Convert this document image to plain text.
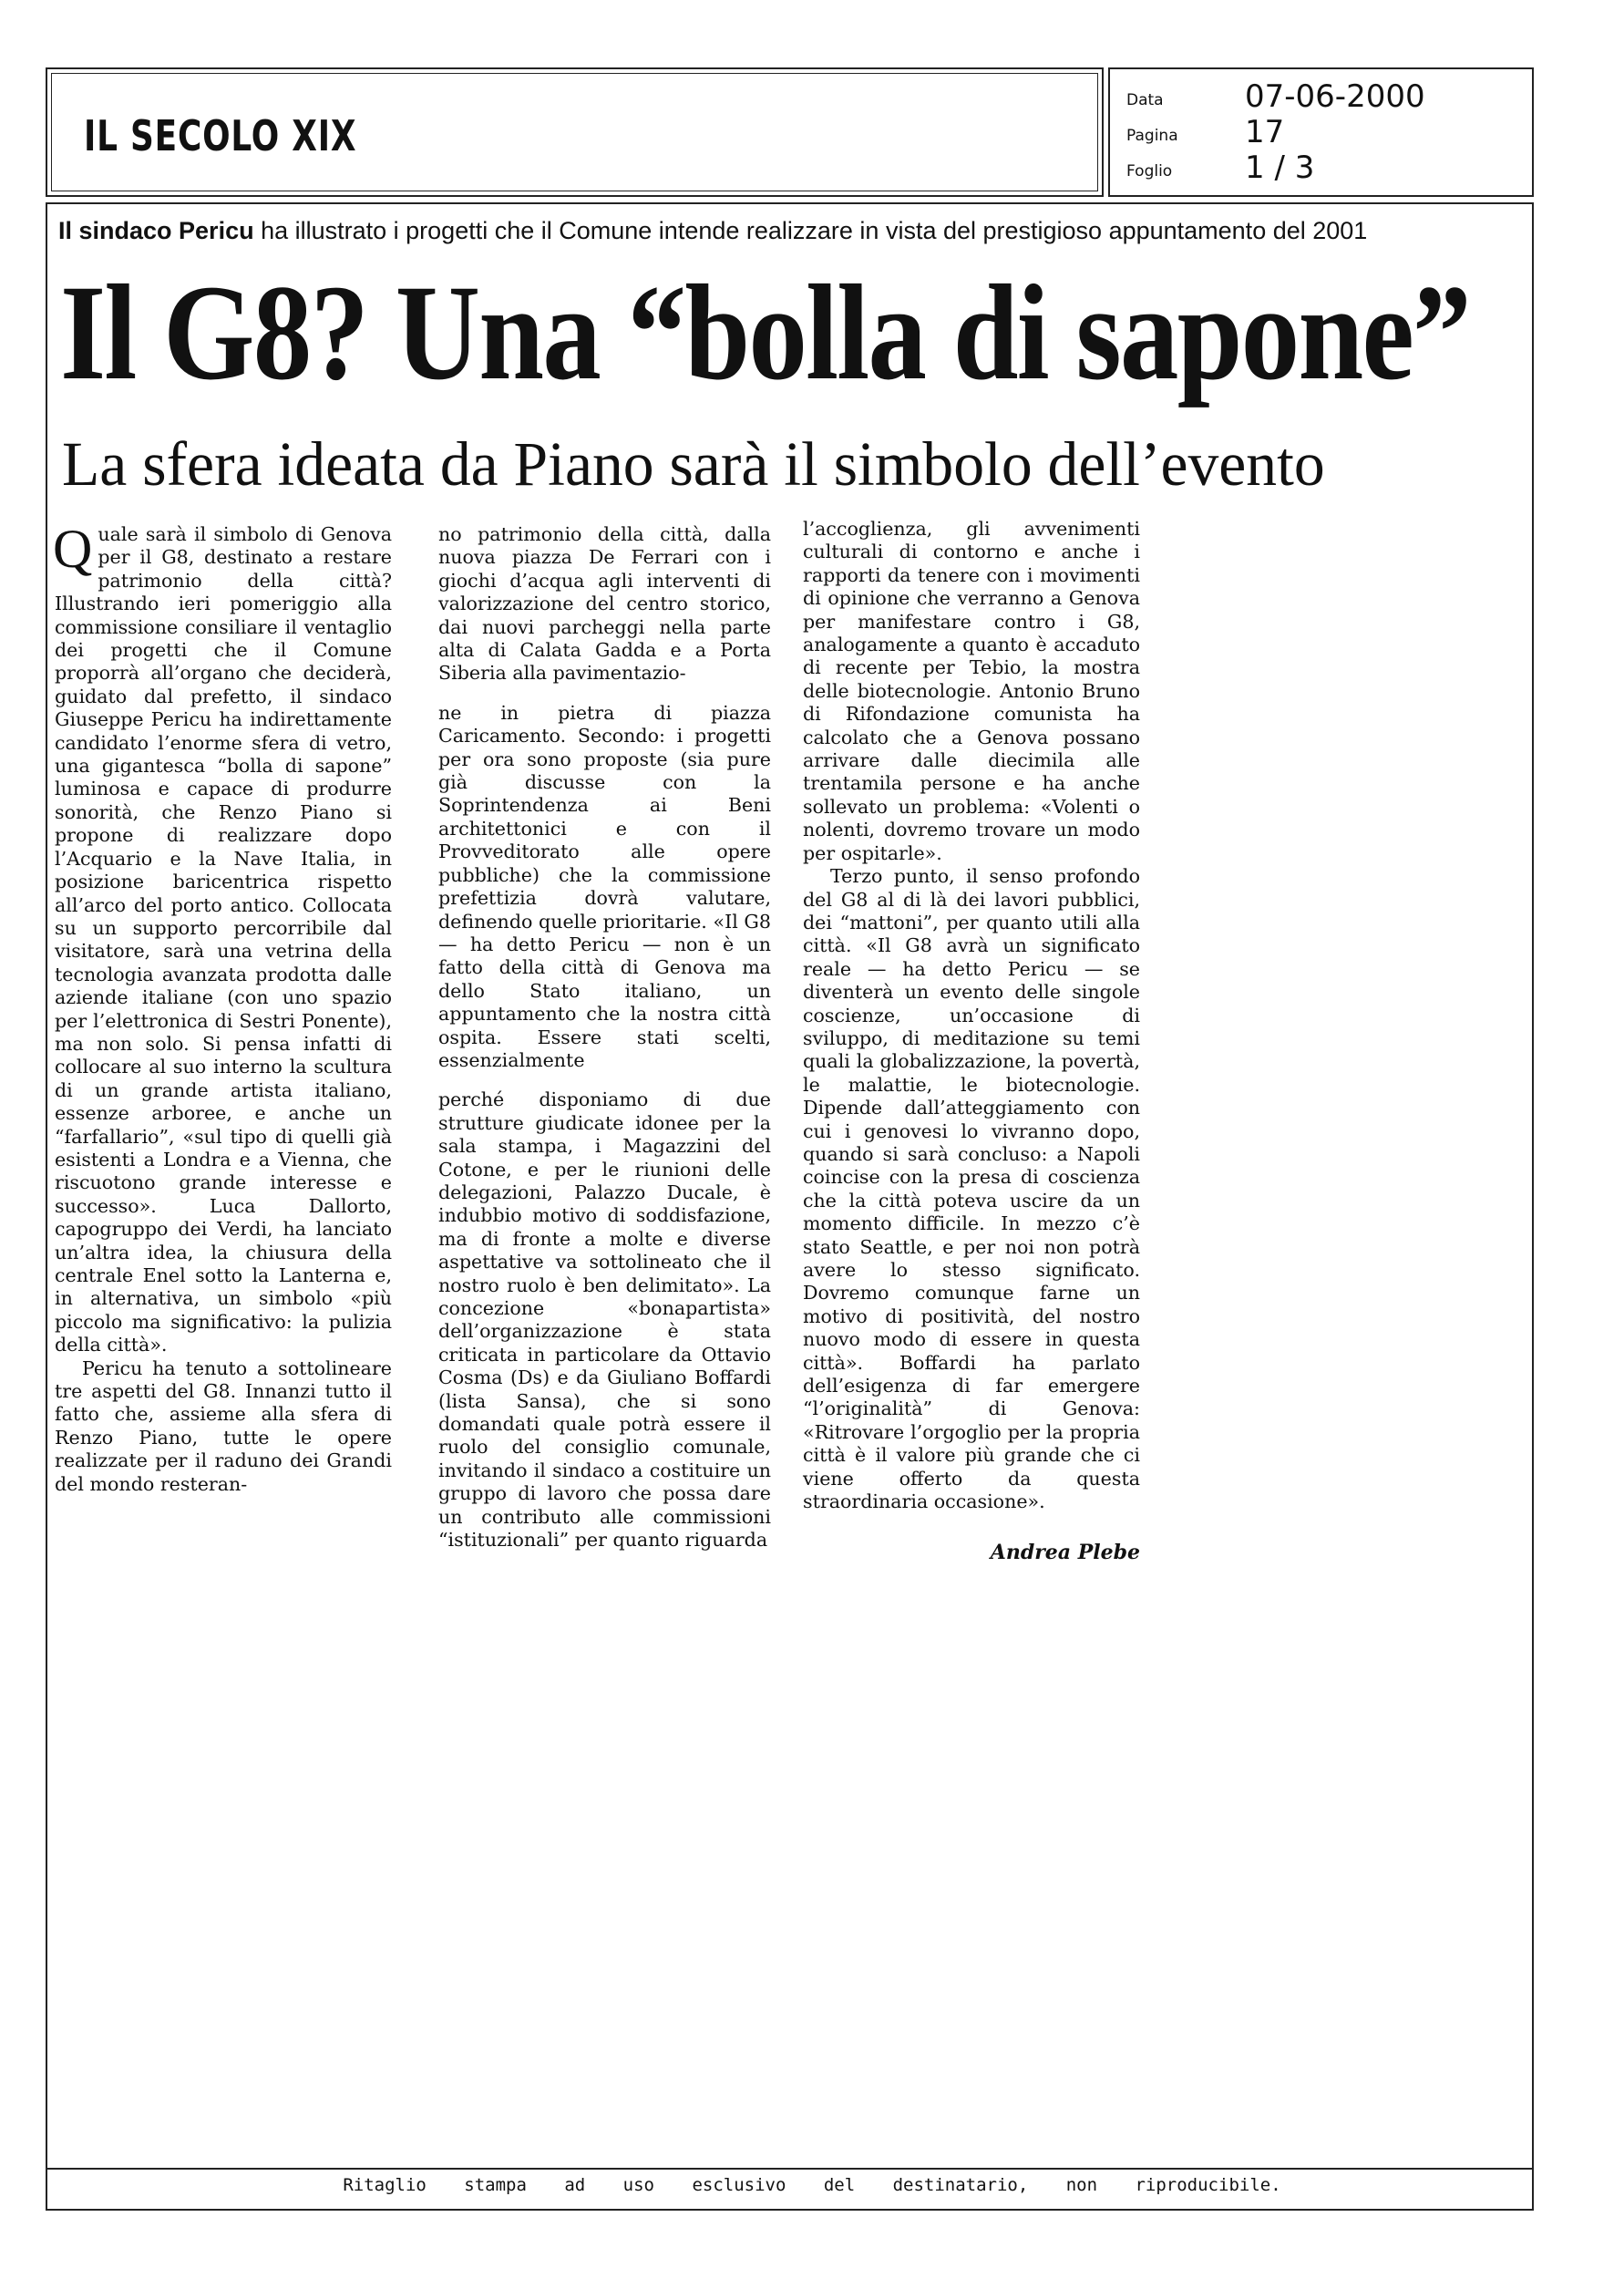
IL SECOLO XIX
Data	07-06-2000
Pagina	17
Foglio	1 / 3
Il sindaco Pericu ha illustrato i progetti che il Comune intende realizzare in vista del prestigioso appuntamento del 2001
Il G8? Una “bolla di sapone”
La sfera ideata da Piano sarà il simbolo dell’evento

Quale sarà il simbolo di Genova per il G8, destinato a restare patrimonio della città? Illustrando ieri pomeriggio alla commissione consiliare il ventaglio dei progetti che il Comune proporrà all’organo che deciderà, guidato dal prefetto, il sindaco Giuseppe Pericu ha indirettamente candidato l’enorme sfera di vetro, una gigantesca “bolla di sapone” luminosa e capace di produrre sonorità, che Renzo Piano si propone di realizzare dopo l’Acquario e la Nave Italia, in posizione baricentrica rispetto all’arco del porto antico. Collocata su un supporto percorribile dal visitatore, sarà una vetrina della tecnologia avanzata prodotta dalle aziende italiane (con uno spazio per l’elettronica di Sestri Ponente), ma non solo. Si pensa infatti di collocare al suo interno la scultura di un grande artista italiano, essenze arboree, e anche un “farfallario”, «sul tipo di quelli già esistenti a Londra e a Vienna, che riscuotono grande interesse e successo». Luca Dallorto, capogruppo dei Verdi, ha lanciato un’altra idea, la chiusura della centrale Enel sotto la Lanterna e, in alternativa, un simbolo «più piccolo ma significativo: la pulizia della città».

Pericu ha tenuto a sottolineare tre aspetti del G8. Innanzi tutto il fatto che, assieme alla sfera di Renzo Piano, tutte le opere realizzate per il raduno dei Grandi del mondo resteran-

no patrimonio della città, dalla nuova piazza De Ferrari con i giochi d’acqua agli interventi di valorizzazione del centro storico, dai nuovi parcheggi nella parte alta di Calata Gadda e a Porta Siberia alla pavimentazio-

ne in pietra di piazza Caricamento. Secondo: i progetti per ora sono proposte (sia pure già discusse con la Soprintendenza ai Beni architettonici e con il Provveditorato alle opere pubbliche) che la commissione prefettizia dovrà valutare, definendo quelle prioritarie. «Il G8 — ha detto Pericu — non è un fatto della città di Genova ma dello Stato italiano, un appuntamento che la nostra città ospita. Essere stati scelti, essenzialmente

perché disponiamo di due strutture giudicate idonee per la sala stampa, i Magazzini del Cotone, e per le riunioni delle delegazioni, Palazzo Ducale, è indubbio motivo di soddisfazione, ma di fronte a molte e diverse aspettative va sottolineato che il nostro ruolo è ben delimitato». La concezione «bonapartista» dell’organizzazione è stata criticata in particolare da Ottavio Cosma (Ds) e da Giuliano Boffardi (lista Sansa), che si sono domandati quale potrà essere il ruolo del consiglio comunale, invitando il sindaco a costituire un gruppo di lavoro che possa dare un contributo alle commissioni “istituzionali” per quanto riguarda

l’accoglienza, gli avvenimenti culturali di contorno e anche i rapporti da tenere con i movimenti di opinione che verranno a Genova per manifestare contro i G8, analogamente a quanto è accaduto di recente per Tebio, la mostra delle biotecnologie. Antonio Bruno di Rifondazione comunista ha calcolato che a Genova possano arrivare dalle diecimila alle trentamila persone e ha anche sollevato un problema: «Volenti o nolenti, dovremo trovare un modo per ospitarle».

Terzo punto, il senso profondo del G8 al di là dei lavori pubblici, dei “mattoni”, per quanto utili alla città. «Il G8 avrà un significato reale — ha detto Pericu — se diventerà un evento delle singole coscienze, un’occasione di sviluppo, di meditazione su temi quali la globalizzazione, la povertà, le malattie, le biotecnologie. Dipende dall’atteggiamento con cui i genovesi lo vivranno dopo, quando si sarà concluso: a Napoli coincise con la presa di coscienza che la città poteva uscire da un momento difficile. In mezzo c’è stato Seattle, e per noi non potrà avere lo stesso significato. Dovremo comunque farne un motivo di positività, del nostro nuovo modo di essere in questa città». Boffardi ha parlato dell’esigenza di far emergere “l’originalità” di Genova: «Ritrovare l’orgoglio per la propria città è il valore più grande che ci viene offerto da questa straordinaria occasione».

Andrea Plebe
Ritaglio stampa ad uso esclusivo del destinatario, non riproducibile.
